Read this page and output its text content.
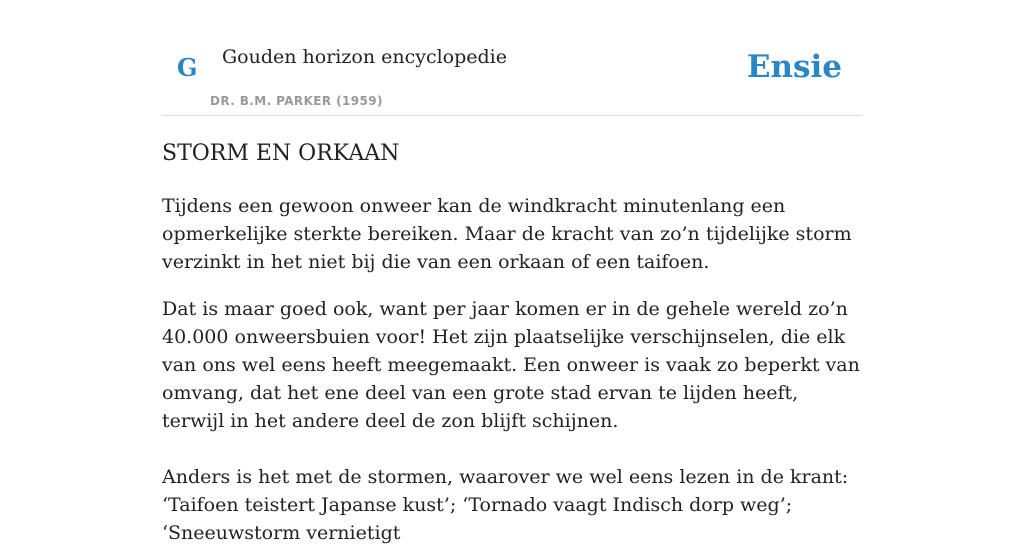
G Gouden horizon encyclopedie
DR. B.M. PARKER (1959)
Ensie
STORM EN ORKAAN

Tijdens een gewoon onweer kan de windkracht minutenlang een opmerkelijke sterkte bereiken. Maar de kracht van zo’n tijdelijke storm verzinkt in het niet bij die van een orkaan of een taifoen.

Dat is maar goed ook, want per jaar komen er in de gehele wereld zo’n 40.000 onweersbuien voor! Het zijn plaatselijke verschijnselen, die elk van ons wel eens heeft meegemaakt. Een onweer is vaak zo beperkt van omvang, dat het ene deel van een grote stad ervan te lijden heeft, terwijl in het andere deel de zon blijft schijnen.

Anders is het met de stormen, waarover we wel eens lezen in de krant: ‘Taifoen teistert Japanse kust’; ‘Tornado vaagt Indisch dorp weg’; ‘Sneeuwstorm vernietigt
